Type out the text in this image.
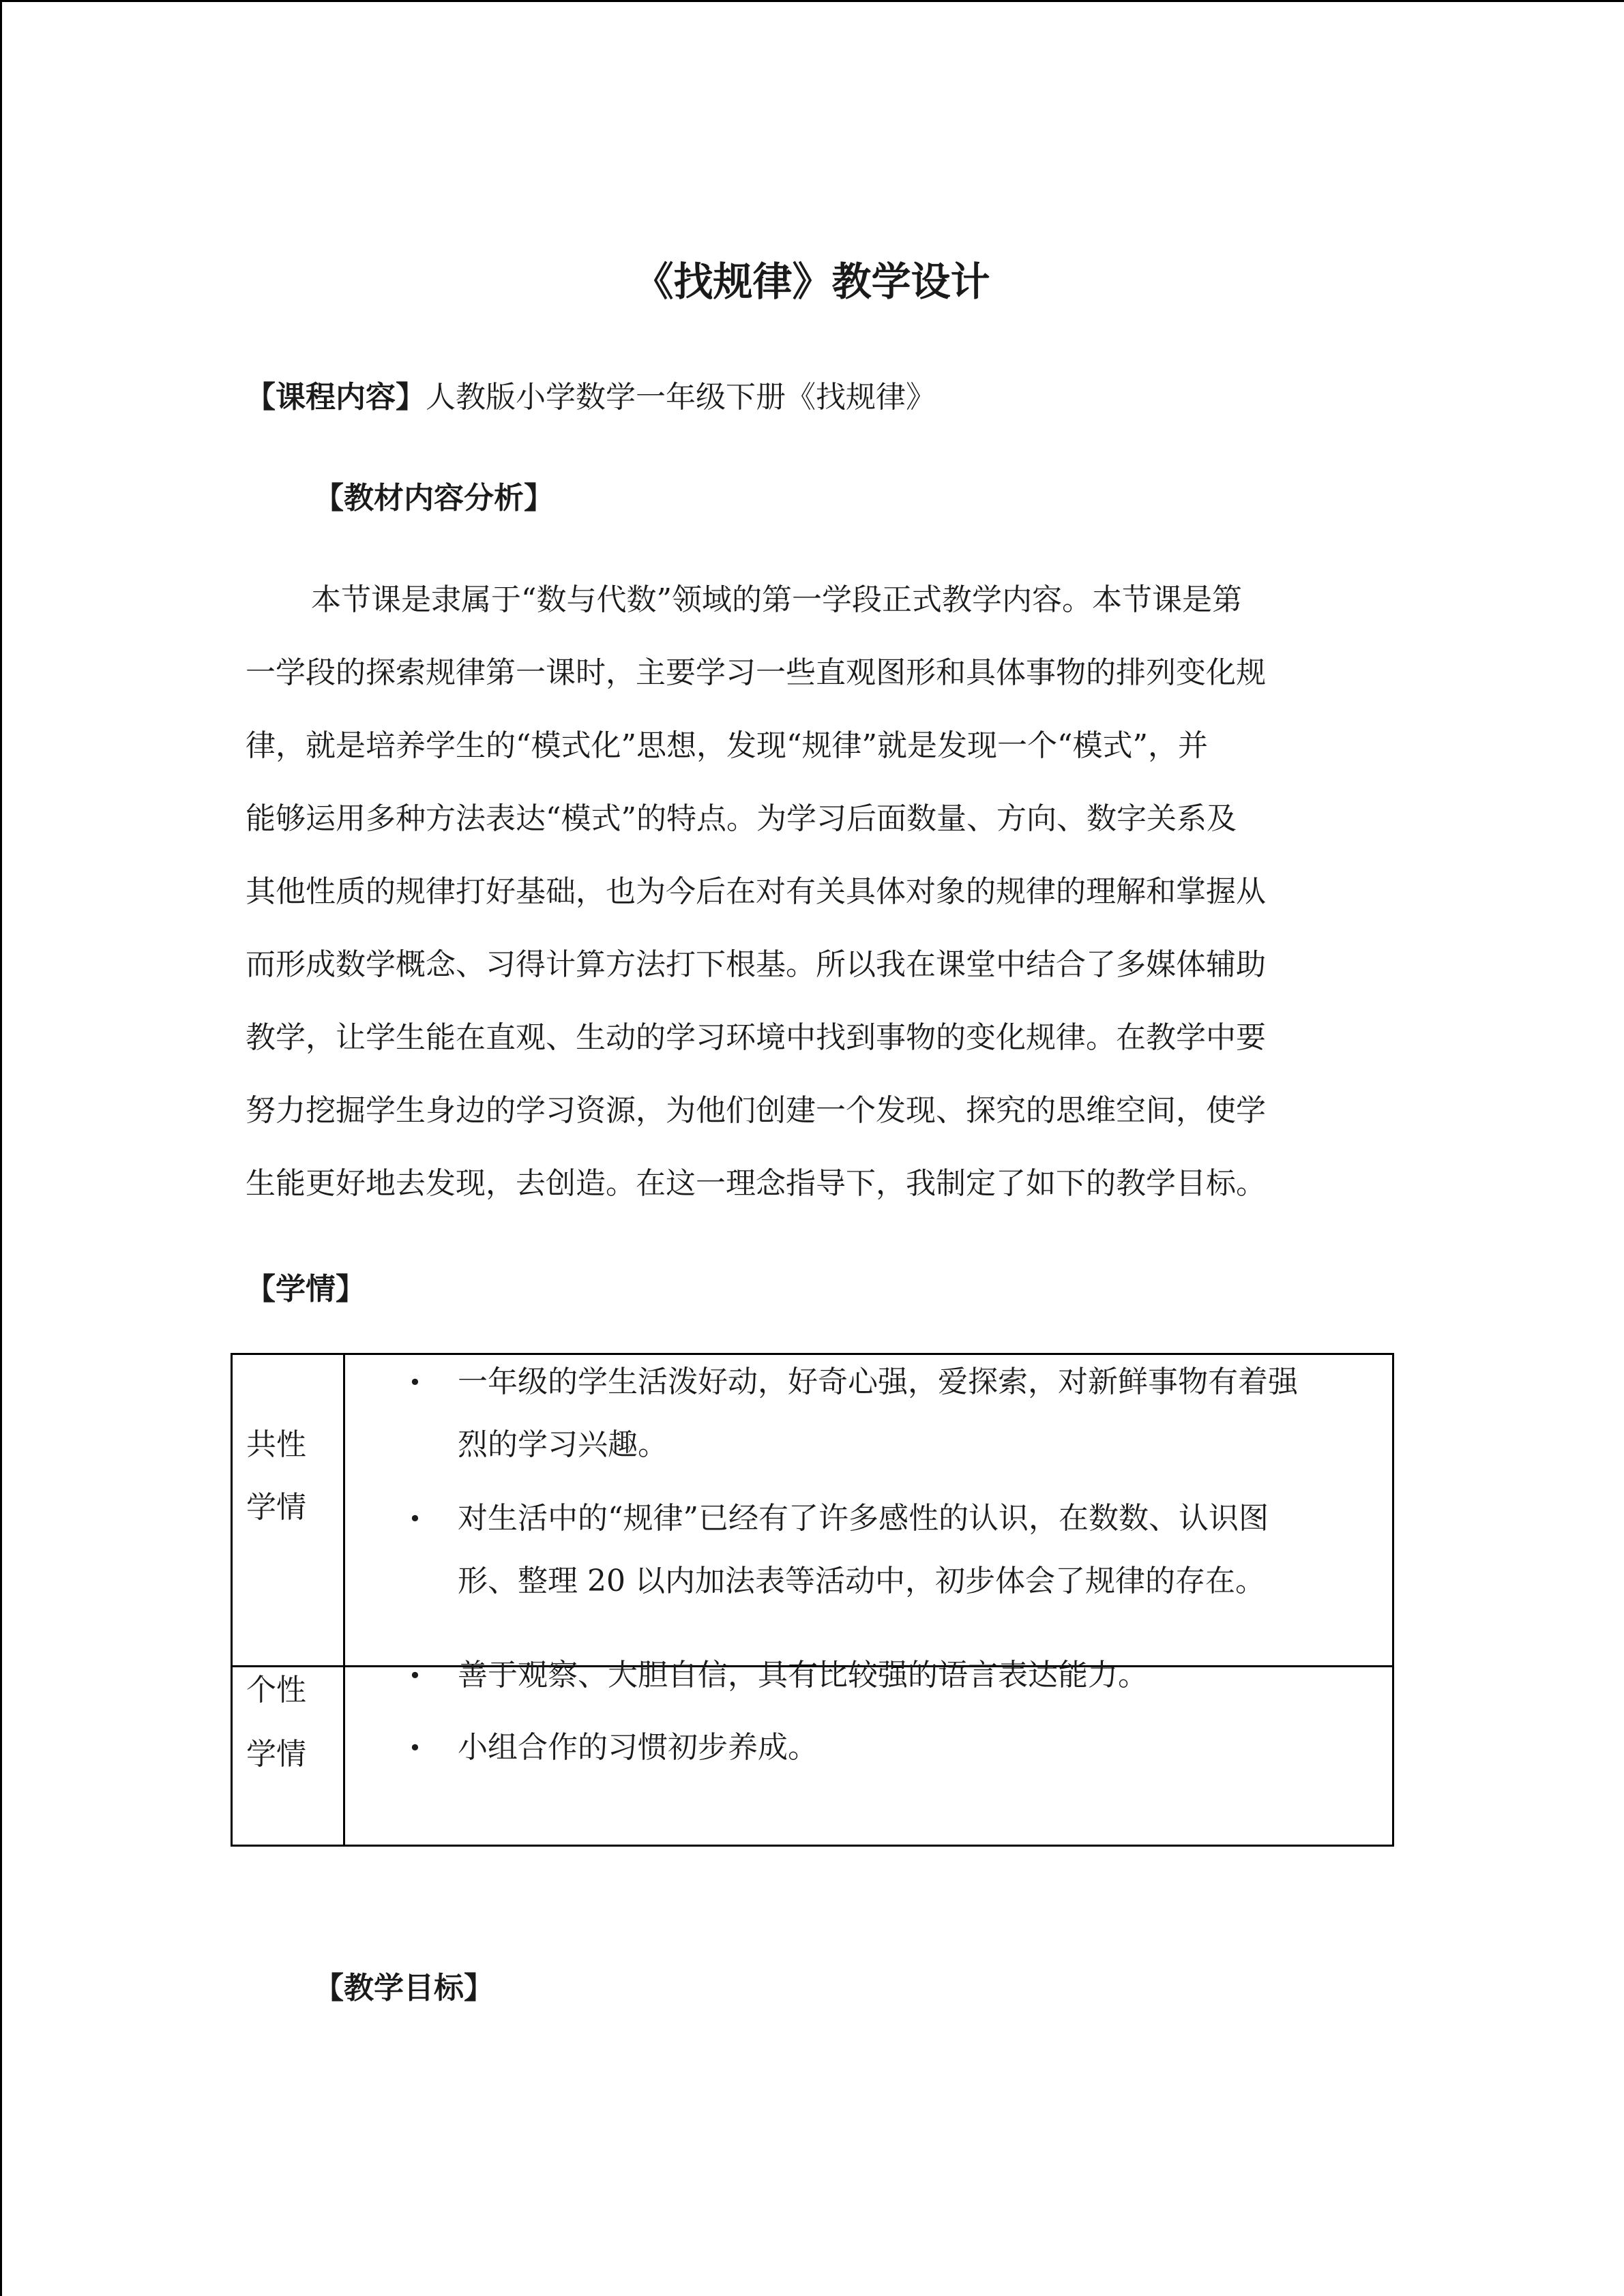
《找规律》教学设计
【课程内容】人教版小学数学一年级下册《找规律》
【教材内容分析】
本节课是隶属于“数与代数”领域的第一学段正式教学内容。本节课是第
一学段的探索规律第一课时，主要学习一些直观图形和具体事物的排列变化规
律，就是培养学生的“模式化”思想，发现“规律”就是发现一个“模式”，并
能够运用多种方法表达“模式”的特点。为学习后面数量、方向、数字关系及
其他性质的规律打好基础，也为今后在对有关具体对象的规律的理解和掌握从
而形成数学概念、习得计算方法打下根基。所以我在课堂中结合了多媒体辅助
教学，让学生能在直观、生动的学习环境中找到事物的变化规律。在教学中要
努力挖掘学生身边的学习资源，为他们创建一个发现、探究的思维空间，使学
生能更好地去发现，去创造。在这一理念指导下，我制定了如下的教学目标。
【学情】
共性
学情
• 一年级的学生活泼好动，好奇心强，爱探索，对新鲜事物有着强
烈的学习兴趣。
• 对生活中的“规律”已经有了许多感性的认识，在数数、认识图
形、整理 20 以内加法表等活动中，初步体会了规律的存在。
个性
学情
• 善于观察、大胆自信，具有比较强的语言表达能力。
• 小组合作的习惯初步养成。
【教学目标】
